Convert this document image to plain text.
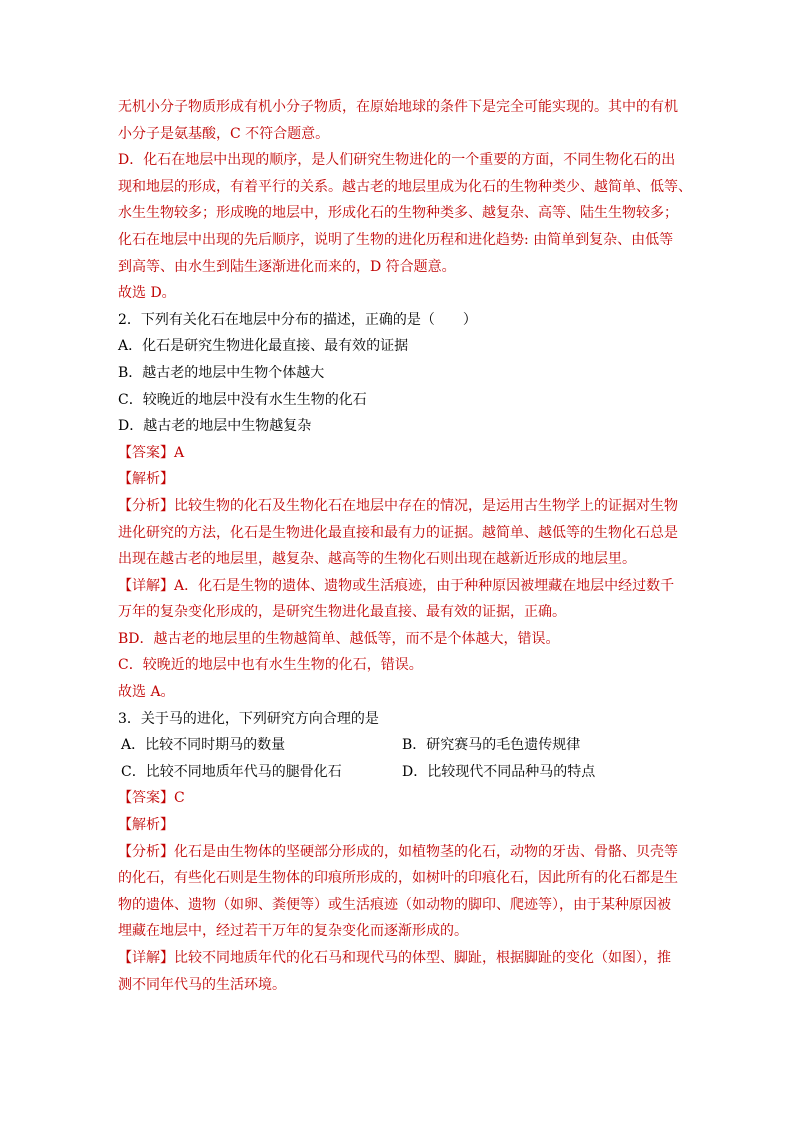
无机小分子物质形成有机小分子物质，在原始地球的条件下是完全可能实现的。其中的有机
小分子是氨基酸，C 不符合题意。
D．化石在地层中出现的顺序，是人们研究生物进化的一个重要的方面，不同生物化石的出
现和地层的形成，有着平行的关系。越古老的地层里成为化石的生物种类少、越简单、低等、
水生生物较多；形成晚的地层中，形成化石的生物种类多、越复杂、高等、陆生生物较多；
化石在地层中出现的先后顺序，说明了生物的进化历程和进化趋势: 由简单到复杂、由低等
到高等、由水生到陆生逐渐进化而来的，D 符合题意。
故选 D。
2．下列有关化石在地层中分布的描述，正确的是（　　）
A．化石是研究生物进化最直接、最有效的证据
B．越古老的地层中生物个体越大
C．较晚近的地层中没有水生生物的化石
D．越古老的地层中生物越复杂
【答案】A
【解析】
【分析】比较生物的化石及生物化石在地层中存在的情况，是运用古生物学上的证据对生物
进化研究的方法，化石是生物进化最直接和最有力的证据。越简单、越低等的生物化石总是
出现在越古老的地层里，越复杂、越高等的生物化石则出现在越新近形成的地层里。
【详解】A．化石是生物的遗体、遗物或生活痕迹，由于种种原因被埋藏在地层中经过数千
万年的复杂变化形成的，是研究生物进化最直接、最有效的证据，正确。
BD．越古老的地层里的生物越简单、越低等，而不是个体越大，错误。
C．较晚近的地层中也有水生生物的化石，错误。
故选 A。
3．关于马的进化，下列研究方向合理的是
A．比较不同时期马的数量	B．研究赛马的毛色遗传规律
C．比较不同地质年代马的腿骨化石	D．比较现代不同品种马的特点
【答案】C
【解析】
【分析】化石是由生物体的坚硬部分形成的，如植物茎的化石，动物的牙齿、骨骼、贝壳等
的化石，有些化石则是生物体的印痕所形成的，如树叶的印痕化石，因此所有的化石都是生
物的遗体、遗物（如卵、粪便等）或生活痕迹（如动物的脚印、爬迹等），由于某种原因被
埋藏在地层中，经过若干万年的复杂变化而逐渐形成的。
【详解】比较不同地质年代的化石马和现代马的体型、脚趾，根据脚趾的变化（如图），推
测不同年代马的生活环境。
